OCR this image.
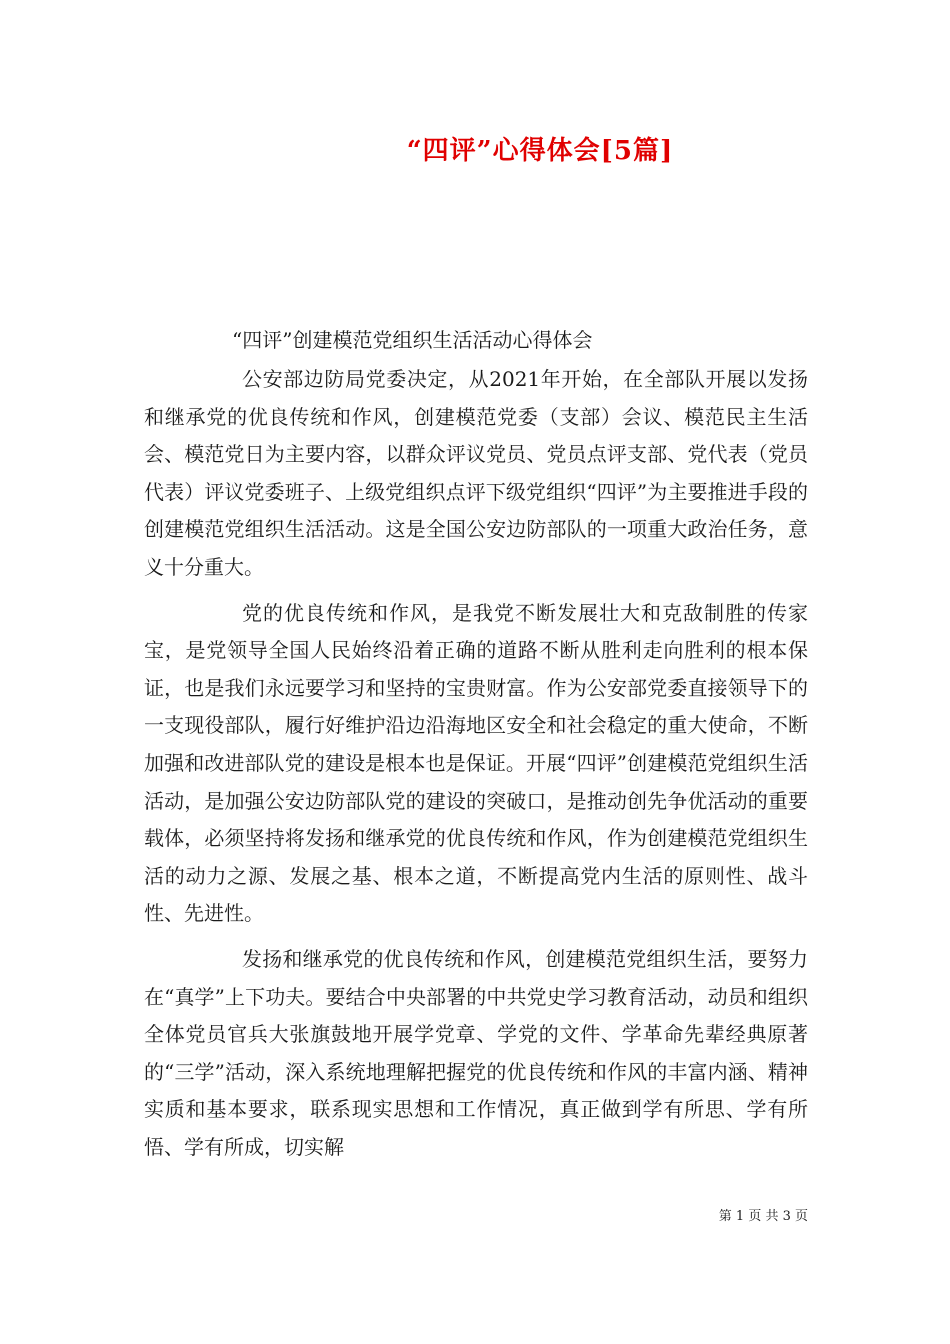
“四评”心得体会[5篇]

“四评”创建模范党组织生活活动心得体会

公安部边防局党委决定，从2021年开始，在全部队开展以发扬和继承党的优良传统和作风，创建模范党委（支部）会议、模范民主生活会、模范党日为主要内容，以群众评议党员、党员点评支部、党代表（党员代表）评议党委班子、上级党组织点评下级党组织“四评”为主要推进手段的创建模范党组织生活活动。这是全国公安边防部队的一项重大政治任务，意义十分重大。

党的优良传统和作风，是我党不断发展壮大和克敌制胜的传家宝，是党领导全国人民始终沿着正确的道路不断从胜利走向胜利的根本保证，也是我们永远要学习和坚持的宝贵财富。作为公安部党委直接领导下的一支现役部队，履行好维护沿边沿海地区安全和社会稳定的重大使命，不断加强和改进部队党的建设是根本也是保证。开展“四评”创建模范党组织生活活动，是加强公安边防部队党的建设的突破口，是推动创先争优活动的重要载体，必须坚持将发扬和继承党的优良传统和作风，作为创建模范党组织生活的动力之源、发展之基、根本之道，不断提高党内生活的原则性、战斗性、先进性。

发扬和继承党的优良传统和作风，创建模范党组织生活，要努力在“真学”上下功夫。要结合中央部署的中共党史学习教育活动，动员和组织全体党员官兵大张旗鼓地开展学党章、学党的文件、学革命先辈经典原著的“三学”活动，深入系统地理解把握党的优良传统和作风的丰富内涵、精神实质和基本要求，联系现实思想和工作情况，真正做到学有所思、学有所悟、学有所成，切实解

第 1 页 共 3 页
